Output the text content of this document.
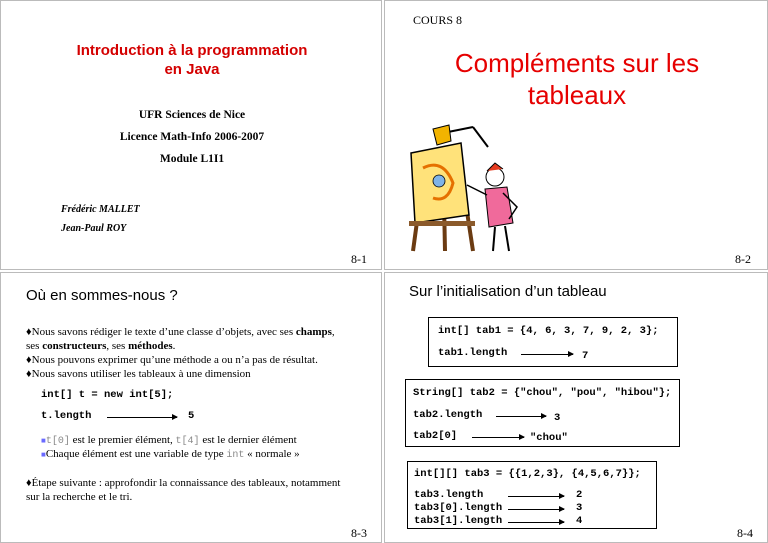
Introduction à la programmation
en Java
UFR Sciences de Nice
Licence Math-Info 2006-2007
Module L1I1
Frédéric MALLET
Jean-Paul ROY
8-1
COURS 8
Compléments sur les
tableaux
8-2
Où en sommes-nous ?
♦Nous savons rédiger le texte d’une classe d’objets, avec ses champs,
ses constructeurs, ses méthodes.
♦Nous pouvons exprimer qu’une méthode a ou n’a pas de résultat.
♦Nous savons utiliser les tableaux à une dimension
int[] t = new int[5];
t.length	5
■t[0] est le premier élément, t[4] est le dernier élément
■Chaque élément est une variable de type int « normale »
♦Étape suivante : approfondir la connaissance des tableaux, notamment
sur la recherche et le tri.
8-3
Sur l’initialisation d’un tableau
int[] tab1 = {4, 6, 3, 7, 9, 2, 3};
tab1.length	7
String[] tab2 = {"chou", "pou", "hibou"};
tab2.length	3
tab2[0]	"chou"
int[][] tab3 = {{1,2,3}, {4,5,6,7}};
tab3.length	2
tab3[0].length	3
tab3[1].length	4
8-4
